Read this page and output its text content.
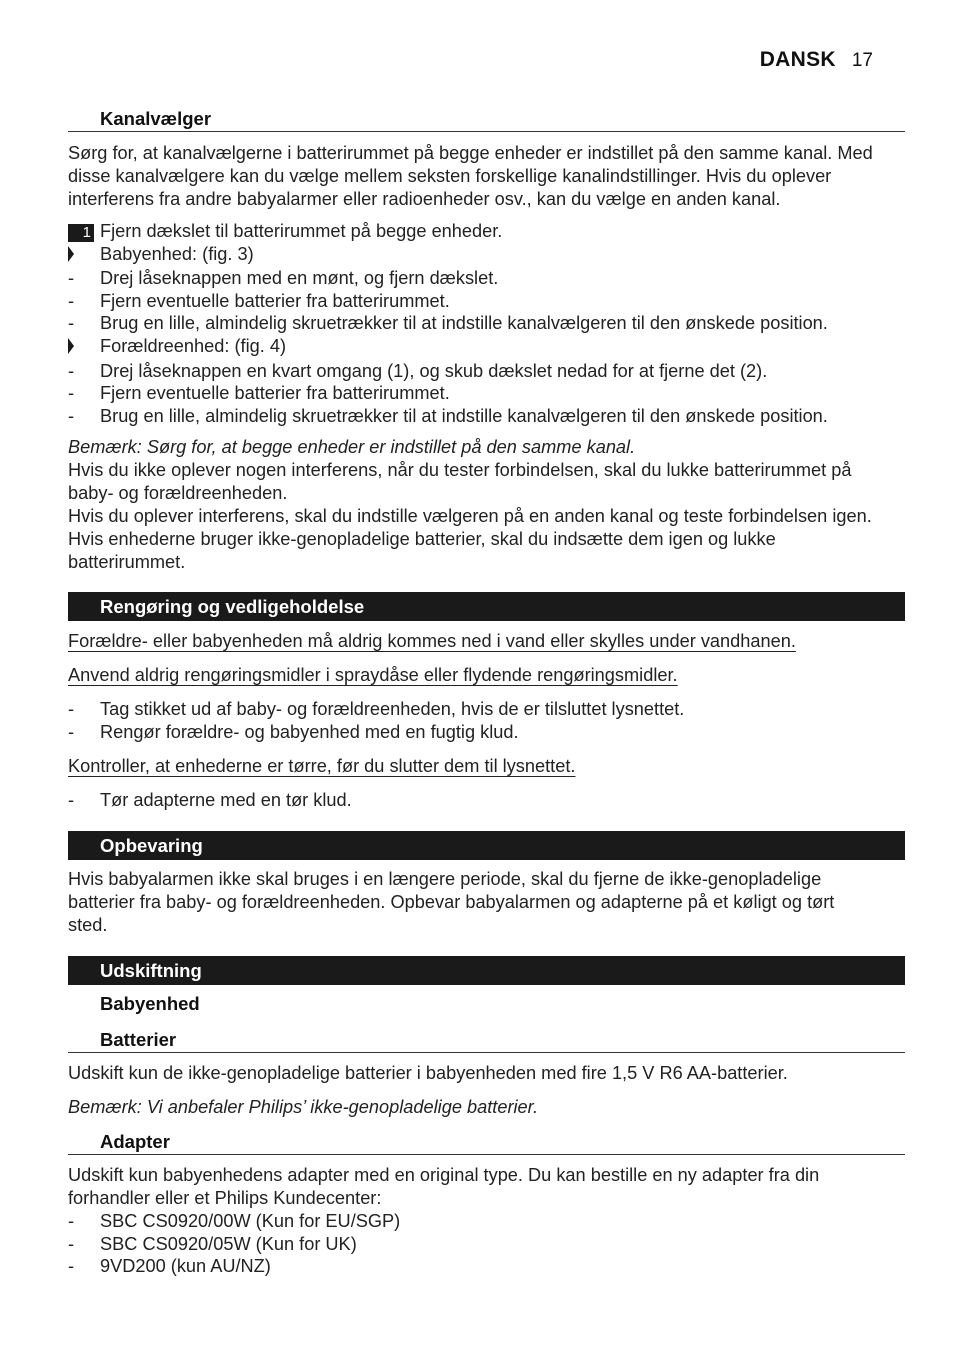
DANSK 17
Kanalvælger

Sørg for, at kanalvælgerne i batterirummet på begge enheder er indstillet på den samme kanal. Med disse kanalvælgere kan du vælge mellem seksten forskellige kanalindstillinger. Hvis du oplever interferens fra andre babyalarmer eller radioenheder osv., kan du vælge en anden kanal.

1 Fjern dækslet til batterirummet på begge enheder.
Babyenhed: (fig. 3)
-	Drej låseknappen med en mønt, og fjern dækslet.
-	Fjern eventuelle batterier fra batterirummet.
-	Brug en lille, almindelig skruetrækker til at indstille kanalvælgeren til den ønskede position.
Forældreenhed: (fig. 4)
-	Drej låseknappen en kvart omgang (1), og skub dækslet nedad for at fjerne det (2).
-	Fjern eventuelle batterier fra batterirummet.
-	Brug en lille, almindelig skruetrækker til at indstille kanalvælgeren til den ønskede position.

Bemærk: Sørg for, at begge enheder er indstillet på den samme kanal.

Hvis du ikke oplever nogen interferens, når du tester forbindelsen, skal du lukke batterirummet på baby- og forældreenheden.

Hvis du oplever interferens, skal du indstille vælgeren på en anden kanal og teste forbindelsen igen. Hvis enhederne bruger ikke-genopladelige batterier, skal du indsætte dem igen og lukke batterirummet.

Rengøring og vedligeholdelse

Forældre- eller babyenheden må aldrig kommes ned i vand eller skylles under vandhanen.

Anvend aldrig rengøringsmidler i spraydåse eller flydende rengøringsmidler.

-	Tag stikket ud af baby- og forældreenheden, hvis de er tilsluttet lysnettet.
-	Rengør forældre- og babyenhed med en fugtig klud.

Kontroller, at enhederne er tørre, før du slutter dem til lysnettet.

-	Tør adapterne med en tør klud.
Opbevaring

Hvis babyalarmen ikke skal bruges i en længere periode, skal du fjerne de ikke-genopladelige batterier fra baby- og forældreenheden. Opbevar babyalarmen og adapterne på et køligt og tørt sted.

Udskiftning
Babyenhed
Batterier

Udskift kun de ikke-genopladelige batterier i babyenheden med fire 1,5 V R6 AA-batterier.

Bemærk: Vi anbefaler Philips’ ikke-genopladelige batterier.

Adapter

Udskift kun babyenhedens adapter med en original type. Du kan bestille en ny adapter fra din forhandler eller et Philips Kundecenter:

-	SBC CS0920/00W (Kun for EU/SGP)
-	SBC CS0920/05W (Kun for UK)
-	9VD200 (kun AU/NZ)
